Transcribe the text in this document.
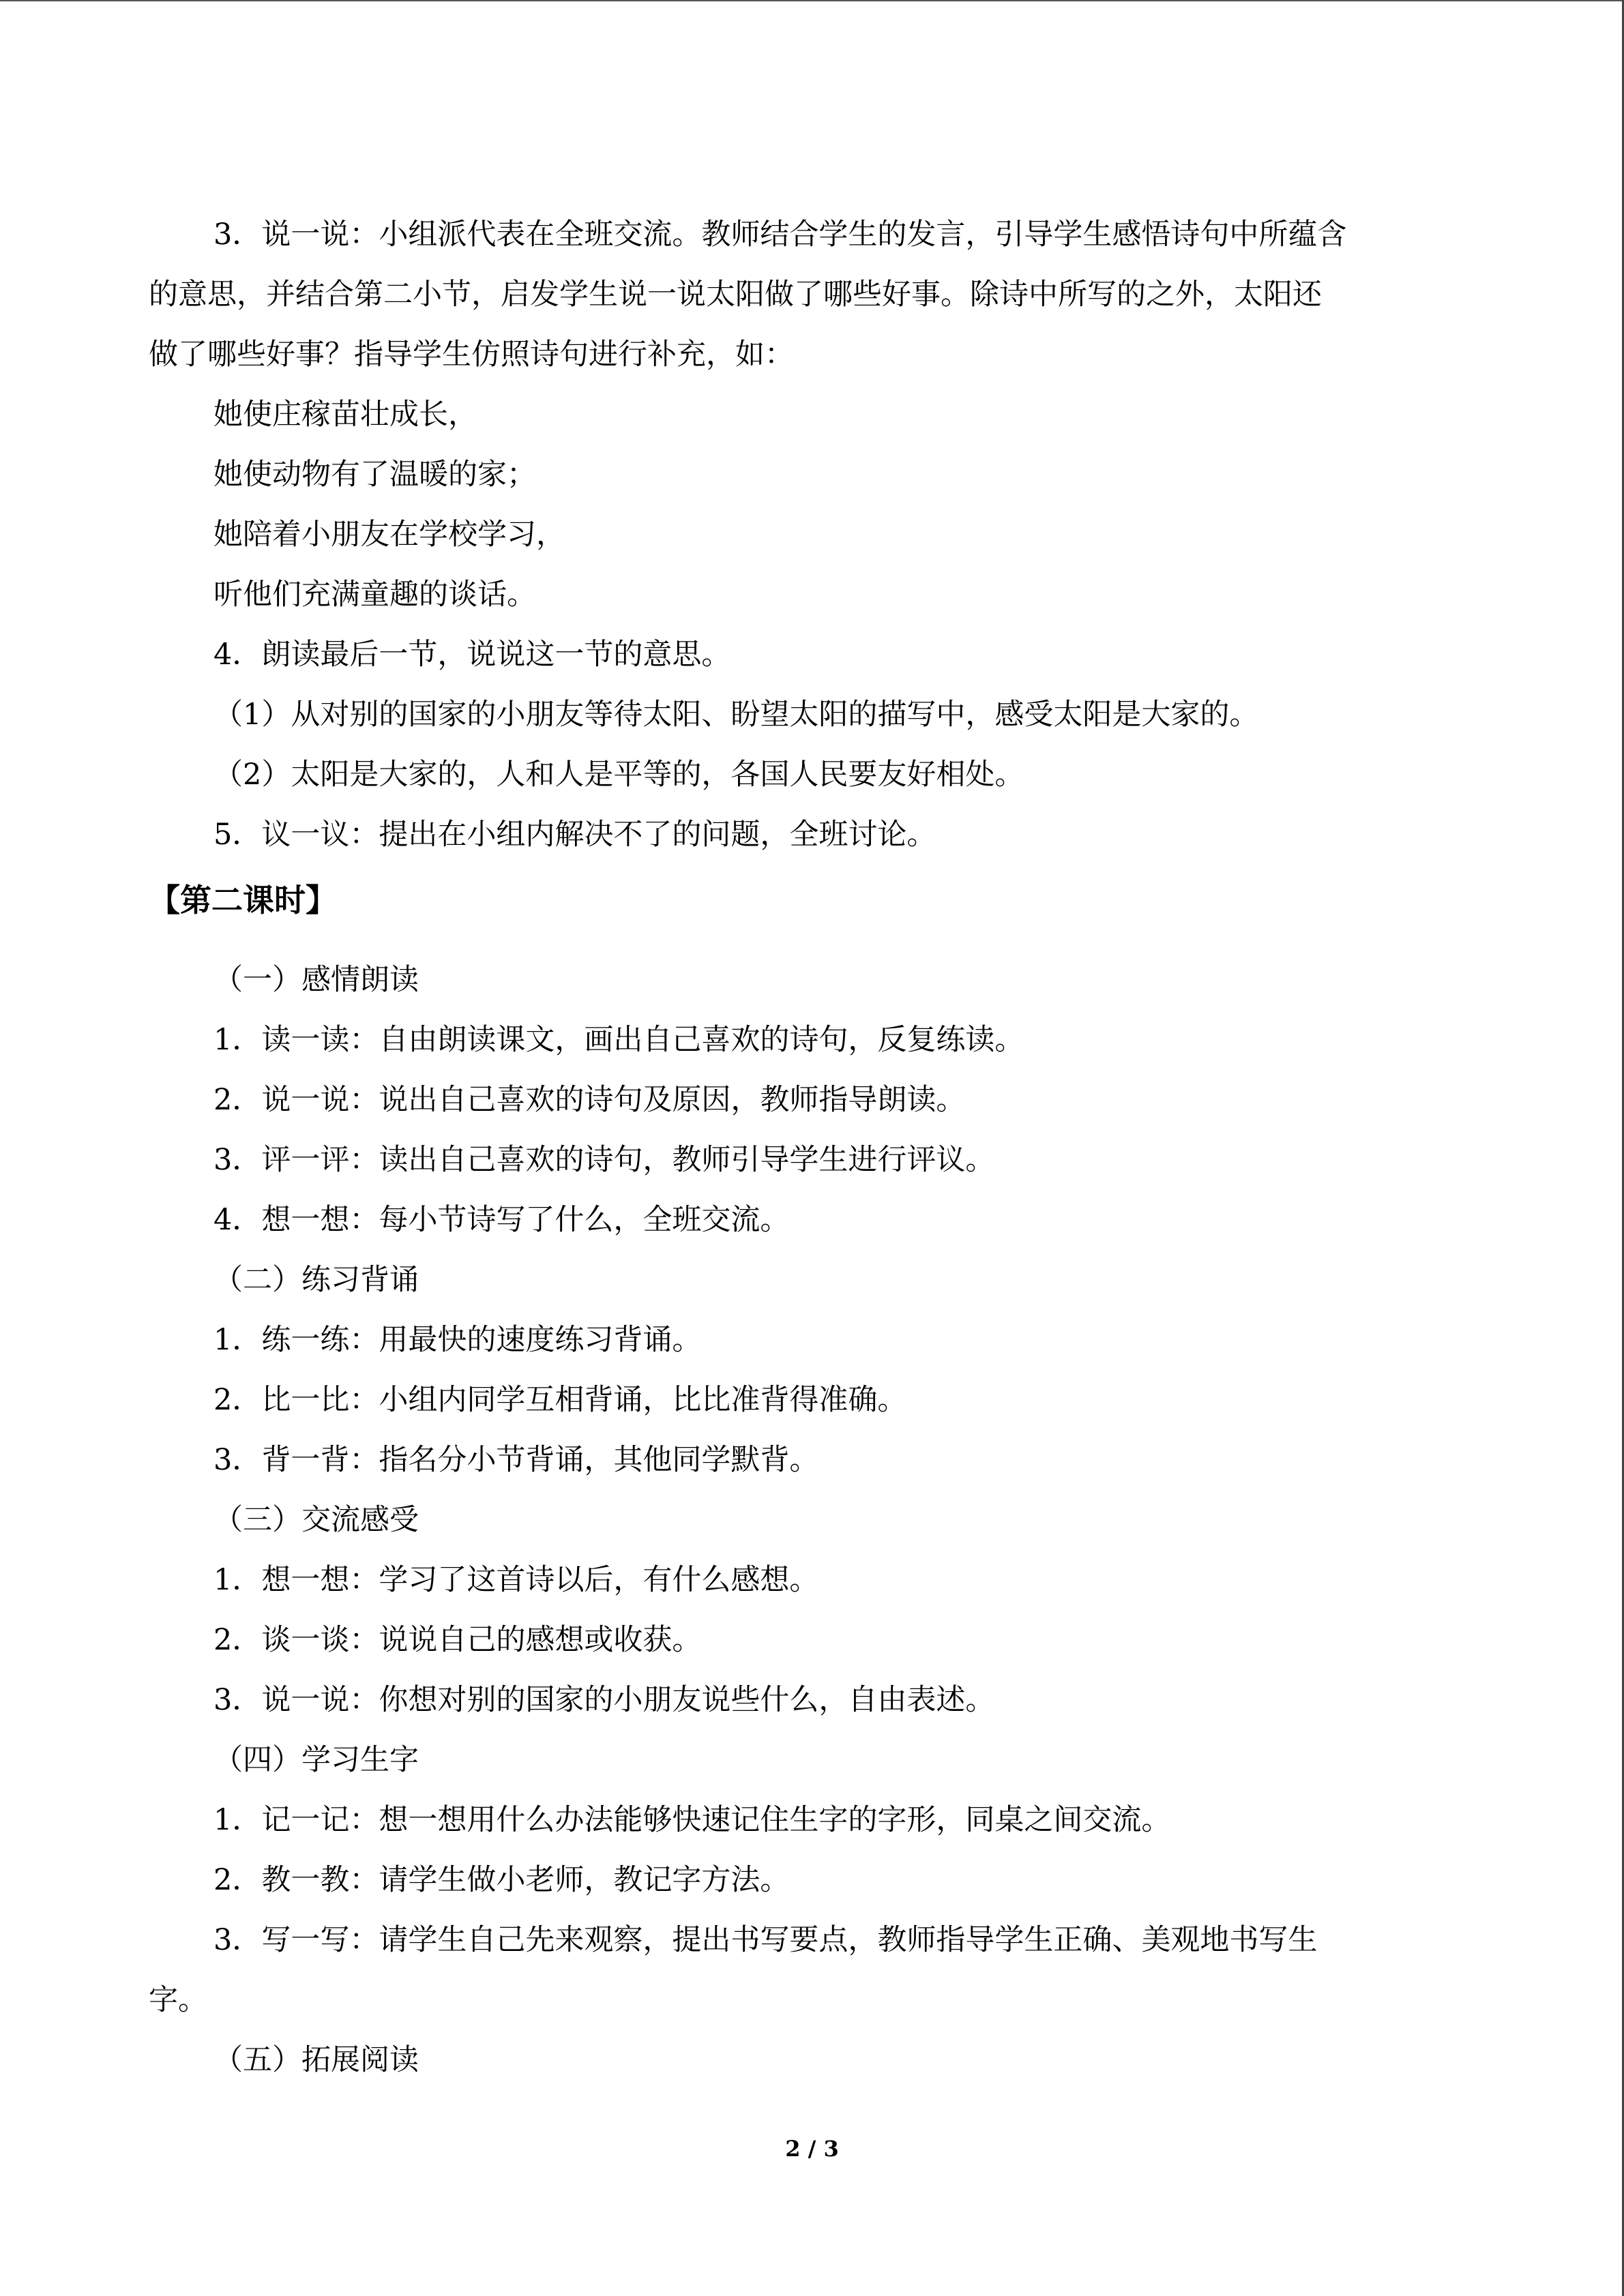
3．说一说：小组派代表在全班交流。教师结合学生的发言，引导学生感悟诗句中所蕴含
的意思，并结合第二小节，启发学生说一说太阳做了哪些好事。除诗中所写的之外，太阳还
做了哪些好事？指导学生仿照诗句进行补充，如：
她使庄稼苗壮成长，
她使动物有了温暖的家；
她陪着小朋友在学校学习，
听他们充满童趣的谈话。
4．朗读最后一节，说说这一节的意思。
（1）从对别的国家的小朋友等待太阳、盼望太阳的描写中，感受太阳是大家的。
（2）太阳是大家的，人和人是平等的，各国人民要友好相处。
5．议一议：提出在小组内解决不了的问题，全班讨论。
【第二课时】
（一）感情朗读
1．读一读：自由朗读课文，画出自己喜欢的诗句，反复练读。
2．说一说：说出自己喜欢的诗句及原因，教师指导朗读。
3．评一评：读出自己喜欢的诗句，教师引导学生进行评议。
4．想一想：每小节诗写了什么，全班交流。
（二）练习背诵
1．练一练：用最快的速度练习背诵。
2．比一比：小组内同学互相背诵，比比准背得准确。
3．背一背：指名分小节背诵，其他同学默背。
（三）交流感受
1．想一想：学习了这首诗以后，有什么感想。
2．谈一谈：说说自己的感想或收获。
3．说一说：你想对别的国家的小朋友说些什么，自由表述。
（四）学习生字
1．记一记：想一想用什么办法能够快速记住生字的字形，同桌之间交流。
2．教一教：请学生做小老师，教记字方法。
3．写一写：请学生自己先来观察，提出书写要点，教师指导学生正确、美观地书写生
字。
（五）拓展阅读
2 / 3
